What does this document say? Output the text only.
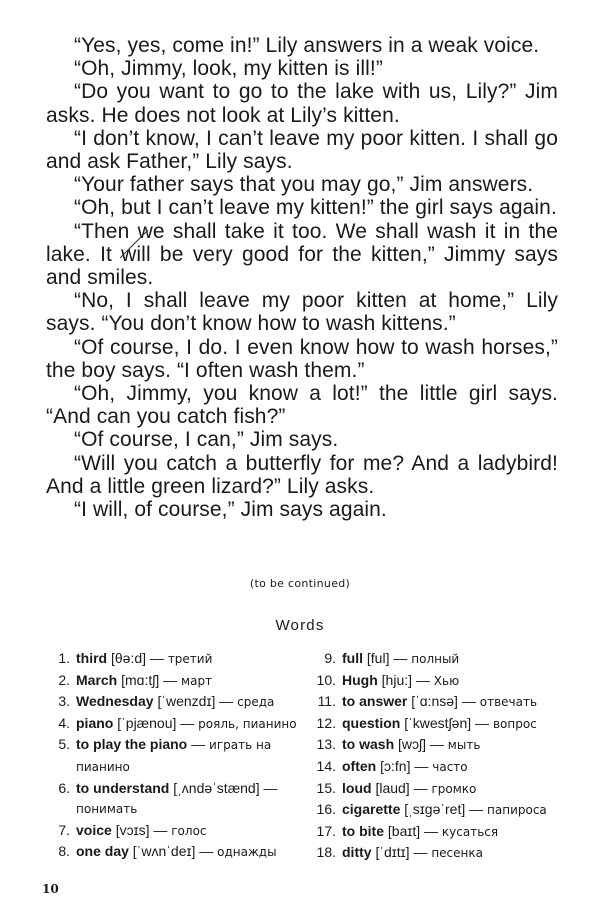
“Yes, yes, come in!” Lily answers in a weak voice.

“Oh, Jimmy, look, my kitten is ill!”

“Do you want to go to the lake with us, Lily?” Jim asks. He does not look at Lily’s kitten.

“I don’t know, I can’t leave my poor kitten. I shall go and ask Father,” Lily says.

“Your father says that you may go,” Jim answers.

“Oh, but I can’t leave my kitten!” the girl says again.

“Then we shall take it too. We shall wash it in the lake. It will be very good for the kitten,” Jimmy says and smiles.

“No, I shall leave my poor kitten at home,” Lily says. “You don’t know how to wash kittens.”

“Of course, I do. I even know how to wash horses,” the boy says. “I often wash them.”

“Oh, Jimmy, you know a lot!” the little girl says. “And can you catch fish?”

“Of course, I can,” Jim says.

“Will you catch a butterfly for me? And a ladybird! And a little green lizard?” Lily asks.

“I will, of course,” Jim says again.

(to be continued)
Words
1. third [θə:d] — третий
2. March [mɑ:tʃ] — март
3. Wednesday [ˈwenzdɪ] — среда
4. piano [ˈpjænou] — рояль, пианино
5. to play the piano — играть на пианино
6. to understand [ˌʌndəˈstænd] — понимать
7. voice [vɔɪs] — голос
8. one day [ˈwʌnˈdeɪ] — однажды
9. full [ful] — полный
10. Hugh [hju:] — Хью
11. to answer [ˈɑ:nsə] — отвечать
12. question [ˈkwestʃən] — вопрос
13. to wash [wɔʃ] — мыть
14. often [ɔ:fn] — часто
15. loud [laud] — громко
16. cigarette [ˌsɪgəˈret] — папироса
17. to bite [baɪt] — кусаться
18. ditty [ˈdɪtɪ] — песенка
10
